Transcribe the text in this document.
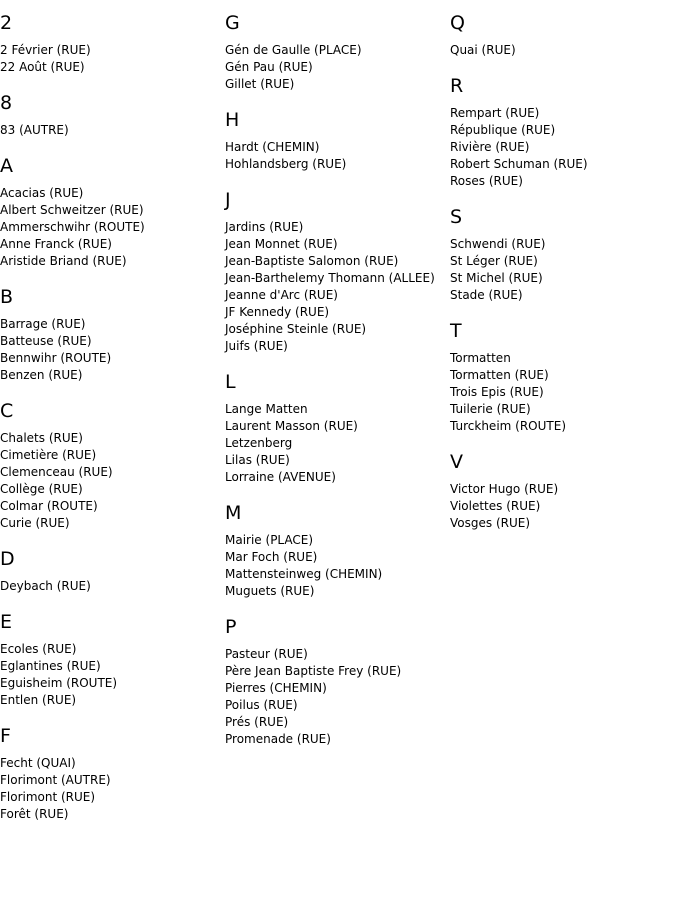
2
2 Février (RUE)
22 Août (RUE)
8
83 (AUTRE)
A
Acacias (RUE)
Albert Schweitzer (RUE)
Ammerschwihr (ROUTE)
Anne Franck (RUE)
Aristide Briand (RUE)
B
Barrage (RUE)
Batteuse (RUE)
Bennwihr (ROUTE)
Benzen (RUE)
C
Chalets (RUE)
Cimetière (RUE)
Clemenceau (RUE)
Collège (RUE)
Colmar (ROUTE)
Curie (RUE)
D
Deybach (RUE)
E
Ecoles (RUE)
Eglantines (RUE)
Eguisheim (ROUTE)
Entlen (RUE)
F
Fecht (QUAI)
Florimont (AUTRE)
Florimont (RUE)
Forêt (RUE)
G
Gén de Gaulle (PLACE)
Gén Pau (RUE)
Gillet (RUE)
H
Hardt (CHEMIN)
Hohlandsberg (RUE)
J
Jardins (RUE)
Jean Monnet (RUE)
Jean-Baptiste Salomon (RUE)
Jean-Barthelemy Thomann (ALLEE)
Jeanne d'Arc (RUE)
JF Kennedy (RUE)
Joséphine Steinle (RUE)
Juifs (RUE)
L
Lange Matten
Laurent Masson (RUE)
Letzenberg
Lilas (RUE)
Lorraine (AVENUE)
M
Mairie (PLACE)
Mar Foch (RUE)
Mattensteinweg (CHEMIN)
Muguets (RUE)
P
Pasteur (RUE)
Père Jean Baptiste Frey (RUE)
Pierres (CHEMIN)
Poilus (RUE)
Prés (RUE)
Promenade (RUE)
Q
Quai (RUE)
R
Rempart (RUE)
République (RUE)
Rivière (RUE)
Robert Schuman (RUE)
Roses (RUE)
S
Schwendi (RUE)
St Léger (RUE)
St Michel (RUE)
Stade (RUE)
T
Tormatten
Tormatten (RUE)
Trois Epis (RUE)
Tuilerie (RUE)
Turckheim (ROUTE)
V
Victor Hugo (RUE)
Violettes (RUE)
Vosges (RUE)
